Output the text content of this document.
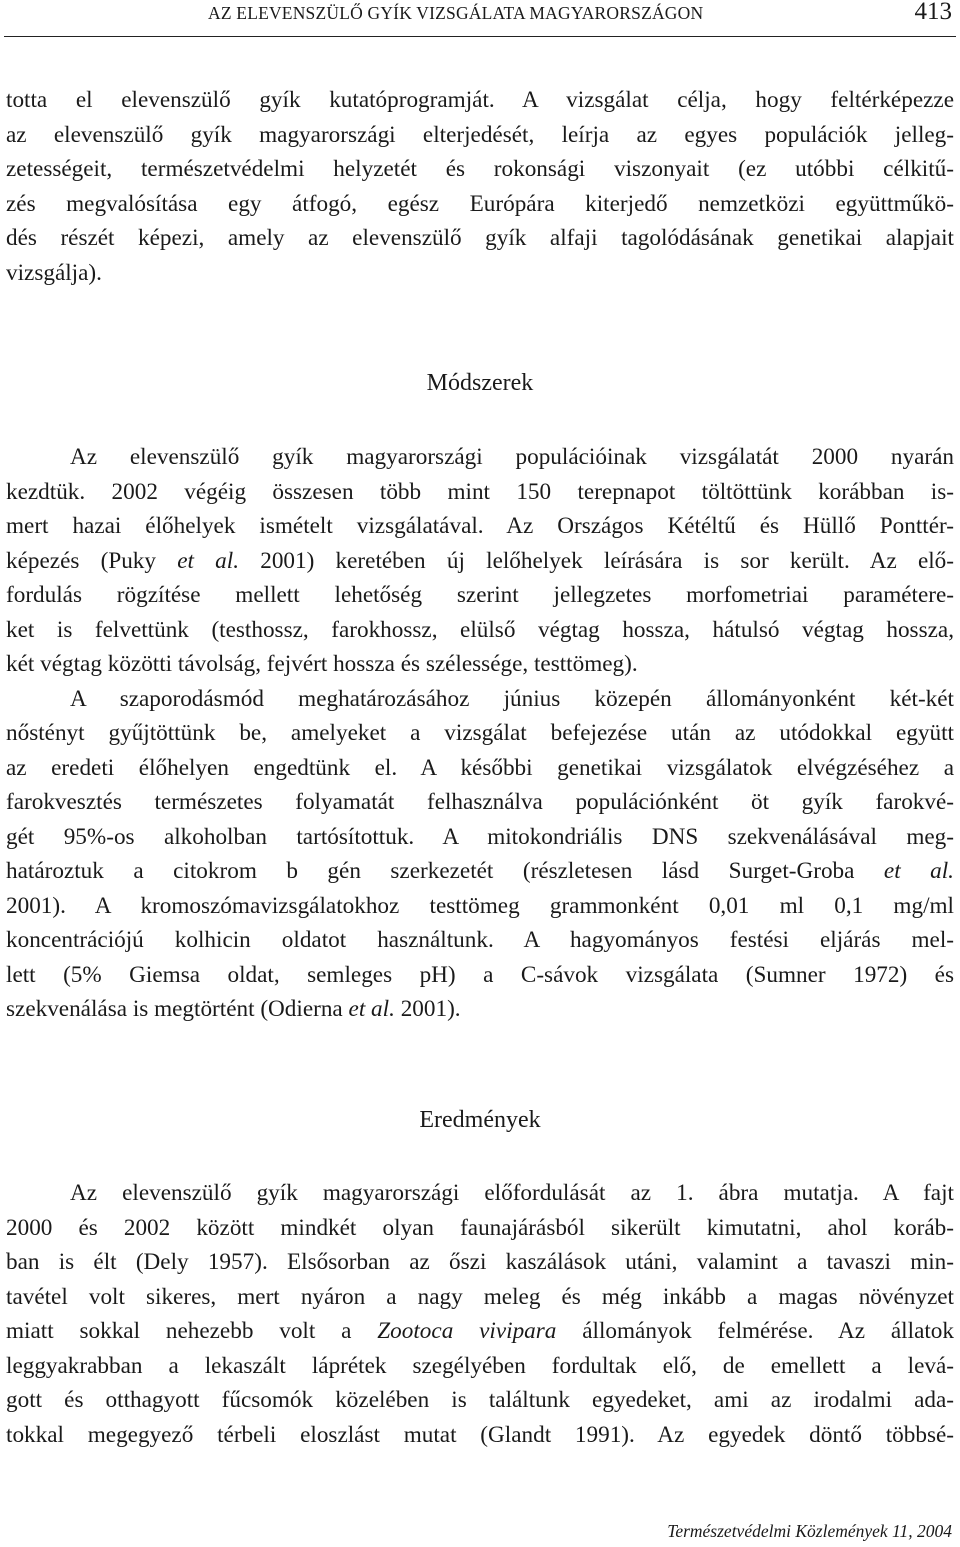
AZ ELEVENSZÜLŐ GYÍK VIZSGÁLATA MAGYARORSZÁGON	413
totta el elevenszülő gyík kutatóprogramját. A vizsgálat célja, hogy feltérképezze
az elevenszülő gyík magyarországi elterjedését, leírja az egyes populációk jelleg-
zetességeit, természetvédelmi helyzetét és rokonsági viszonyait (ez utóbbi célkitű-
zés megvalósítása egy átfogó, egész Európára kiterjedő nemzetközi együttműkö-
dés részét képezi, amely az elevenszülő gyík alfaji tagolódásának genetikai alapjait
vizsgálja).
Módszerek
Az elevenszülő gyík magyarországi populációinak vizsgálatát 2000 nyarán
kezdtük. 2002 végéig összesen több mint 150 terepnapot töltöttünk korábban is-
mert hazai élőhelyek ismételt vizsgálatával. Az Országos Kétéltű és Hüllő Ponttér-
képezés (Puky et al. 2001) keretében új lelőhelyek leírására is sor került. Az elő-
fordulás rögzítése mellett lehetőség szerint jellegzetes morfometriai paramétere-
ket is felvettünk (testhossz, farokhossz, elülső végtag hossza, hátulsó végtag hossza,
két végtag közötti távolság, fejvért hossza és szélessége, testtömeg).
A szaporodásmód meghatározásához június közepén állományonként két-két
nőstényt gyűjtöttünk be, amelyeket a vizsgálat befejezése után az utódokkal együtt
az eredeti élőhelyen engedtünk el. A későbbi genetikai vizsgálatok elvégzéséhez a
farokvesztés természetes folyamatát felhasználva populációnként öt gyík farokvé-
gét 95%-os alkoholban tartósítottuk. A mitokondriális DNS szekvenálásával meg-
határoztuk a citokrom b gén szerkezetét (részletesen lásd Surget-Groba et al.
2001). A kromoszómavizsgálatokhoz testtömeg grammonként 0,01 ml 0,1 mg/ml
koncentrációjú kolhicin oldatot használtunk. A hagyományos festési eljárás mel-
lett (5% Giemsa oldat, semleges pH) a C-sávok vizsgálata (Sumner 1972) és
szekvenálása is megtörtént (Odierna et al. 2001).
Eredmények
Az elevenszülő gyík magyarországi előfordulását az 1. ábra mutatja. A fajt
2000 és 2002 között mindkét olyan faunajárásból sikerült kimutatni, ahol koráb-
ban is élt (Dely 1957). Elsősorban az őszi kaszálások utáni, valamint a tavaszi min-
tavétel volt sikeres, mert nyáron a nagy meleg és még inkább a magas növényzet
miatt sokkal nehezebb volt a Zootoca vivipara állományok felmérése. Az állatok
leggyakrabban a lekaszált láprétek szegélyében fordultak elő, de emellett a levá-
gott és otthagyott fűcsomók közelében is találtunk egyedeket, ami az irodalmi ada-
tokkal megegyező térbeli eloszlást mutat (Glandt 1991). Az egyedek döntő többsé-
Természetvédelmi Közlemények 11, 2004
